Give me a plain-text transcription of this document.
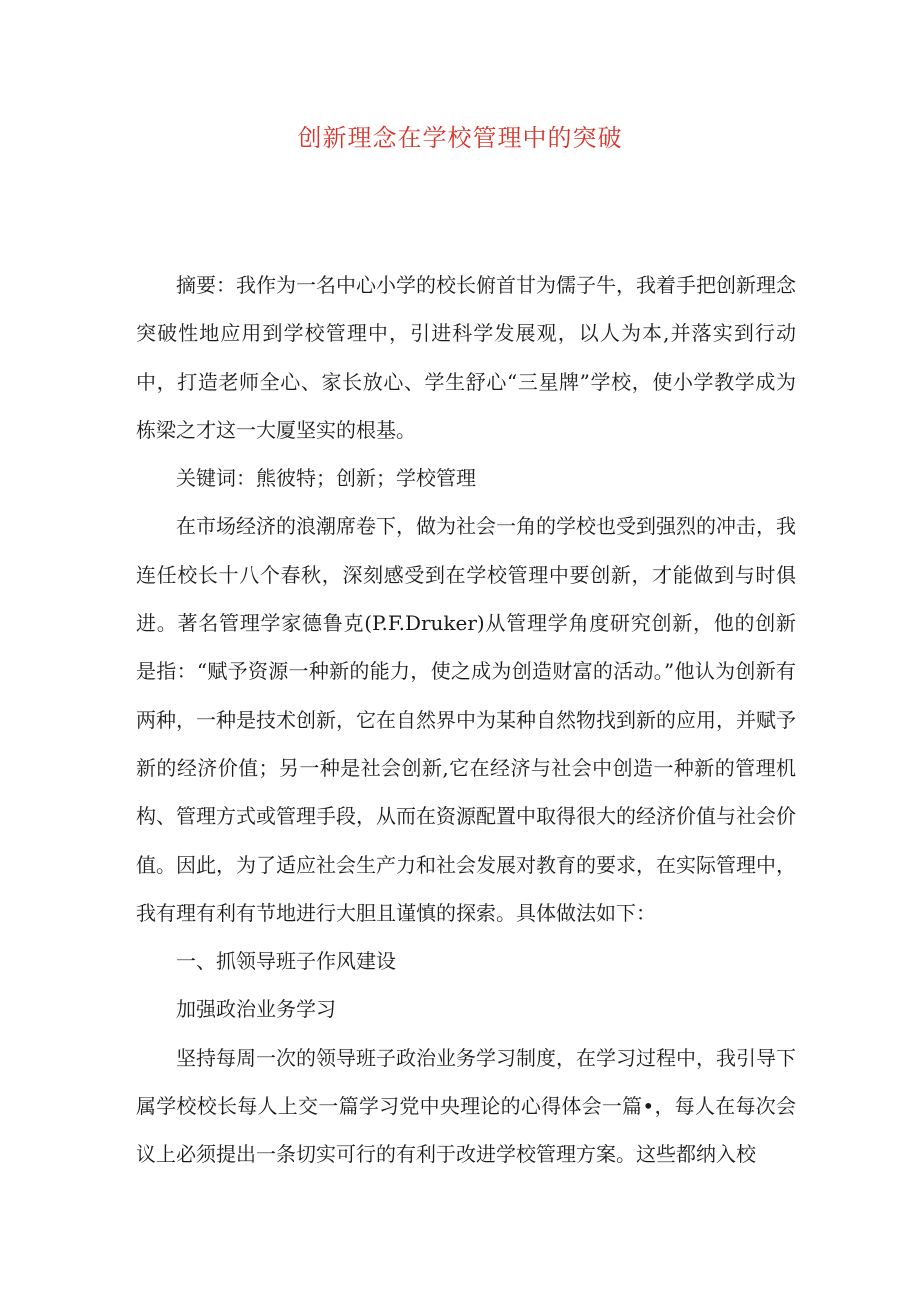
创新理念在学校管理中的突破

摘要：我作为一名中心小学的校长俯首甘为儒子牛，我着手把创新理念突破性地应用到学校管理中，引进科学发展观，以人为本,并落实到行动中，打造老师全心、家长放心、学生舒心“三星牌”学校，使小学教学成为栋梁之才这一大厦坚实的根基。

关键词：熊彼特；创新；学校管理

在市场经济的浪潮席卷下，做为社会一角的学校也受到强烈的冲击，我连任校长十八个春秋，深刻感受到在学校管理中要创新，才能做到与时俱进。著名管理学家德鲁克(P.F.Druker)从管理学角度研究创新，他的创新是指：“赋予资源一种新的能力，使之成为创造财富的活动。”他认为创新有两种，一种是技术创新，它在自然界中为某种自然物找到新的应用，并赋予新的经济价值；另一种是社会创新,它在经济与社会中创造一种新的管理机构、管理方式或管理手段，从而在资源配置中取得很大的经济价值与社会价值。因此，为了适应社会生产力和社会发展对教育的要求，在实际管理中，我有理有利有节地进行大胆且谨慎的探索。具体做法如下：

一、抓领导班子作风建设

加强政治业务学习

坚持每周一次的领导班子政治业务学习制度，在学习过程中，我引导下属学校校长每人上交一篇学习党中央理论的心得体会一篇•，每人在每次会议上必须提出一条切实可行的有利于改进学校管理方案。这些都纳入校
